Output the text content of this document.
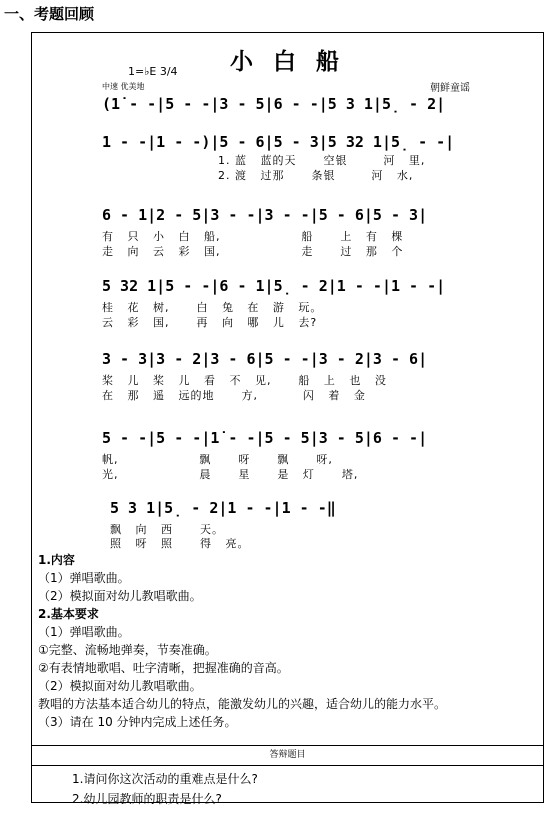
一、考题回顾
小 白 船
1=♭E 3/4
中速 优美地	朝鲜童谣
(1̇ - -|5 - -|3 - 5|6 - -|5 3 1|5̣ - 2|
1 - -|1 - -)|5 - 6|5 - 3|5 32 1|5̣ - -|
1. 蓝   蓝的天      空银        河   里,
2. 渡   过那      条银        河   水,
6 - 1|2 - 5|3 - -|3 - -|5 - 6|5 - 3|
有   只   小   白   船,                  船      上   有   棵
走   向   云   彩   国,                  走      过   那   个
5 32 1|5 - -|6 - 1|5̣ - 2|1 - -|1 - -|
桂   花   树,      白   兔   在   游   玩。
云   彩   国,      再   向   哪   儿   去?
3 - 3|3 - 2|3 - 6|5 - -|3 - 2|3 - 6|
桨   儿   桨   儿   看   不   见,      船   上   也   没
在   那   遥   远的地      方,          闪   着   金
5 - -|5 - -|1̇ - -|5 - 5|3 - 5|6 - -|
帆,                  飘      呀      飘      呀,
光,                  晨      星      是   灯      塔,
5 3 1|5̣ - 2|1 - -|1 - -‖
飘   向   西      天。
照   呀   照      得   亮。
1.内容
（1）弹唱歌曲。
（2）模拟面对幼儿教唱歌曲。
2.基本要求
（1）弹唱歌曲。
①完整、流畅地弹奏，节奏准确。
②有表情地歌唱、吐字清晰，把握准确的音高。
（2）模拟面对幼儿教唱歌曲。
教唱的方法基本适合幼儿的特点，能激发幼儿的兴趣，适合幼儿的能力水平。
（3）请在 10 分钟内完成上述任务。
答辩题目
1.请问你这次活动的重难点是什么?
2.幼儿园教师的职责是什么?
